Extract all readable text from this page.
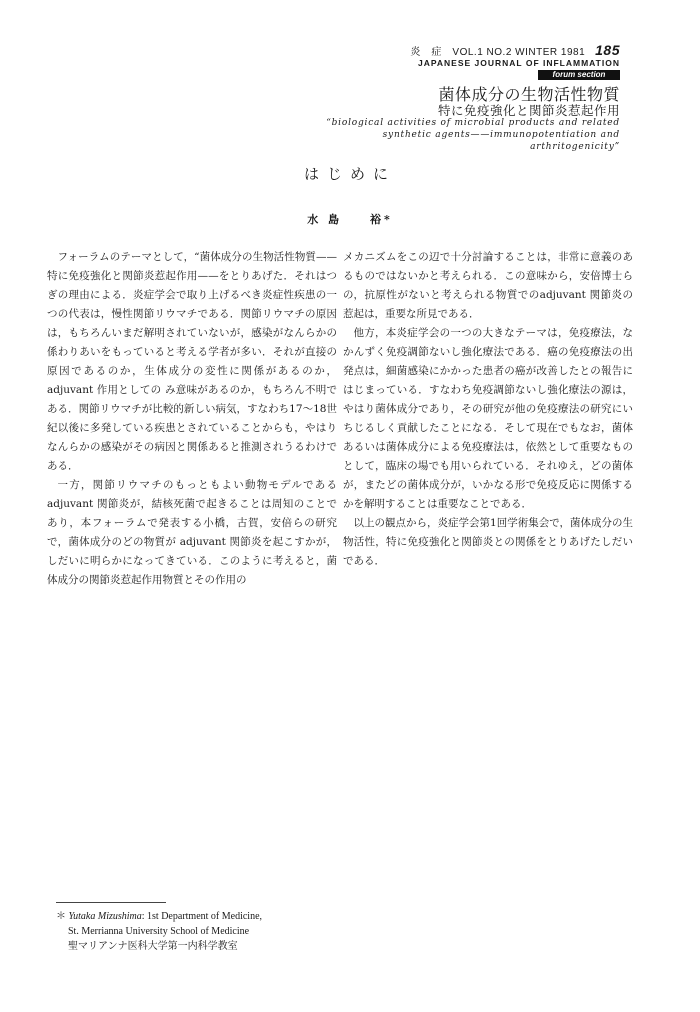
炎　症　VOL.1 NO.2 WINTER 1981 185
JAPANESE JOURNAL OF INFLAMMATION
forum section
菌体成分の生物活性物質
特に免疫強化と関節炎惹起作用
“biological activities of microbial products and related synthetic agents——immunopotentiation and arthritogenicity”
はじめに
水 島　　裕*

フォーラムのテーマとして，“菌体成分の生物活性物質——特に免疫強化と関節炎惹起作用——をとりあげた．それはつぎの理由による．炎症学会で取り上げるべき炎症性疾患の一つの代表は，慢性関節リウマチである．関節リウマチの原因は，もちろんいまだ解明されていないが，感染がなんらかの係わりあいをもっていると考える学者が多い．それが直接の原因であるのか，生体成分の変性に関係があるのか，adjuvant 作用としての み意味があるのか，もちろん不明である．関節リウマチが比較的新しい病気，すなわち17〜18世紀以後に多発している疾患とされていることからも，やはりなんらかの感染がその病因と関係あると推測されうるわけである．

一方，関節リウマチのもっともよい動物モデルであるadjuvant 関節炎が，結核死菌で起きることは周知のことであり，本フォーラムで発表する小橋，古賀，安倍らの研究で，菌体成分のどの物質が adjuvant 関節炎を起こすかが，しだいに明らかになってきている．このように考えると，菌体成分の関節炎惹起作用物質とその作用の

メカニズムをこの辺で十分討論することは，非常に意義のあるものではないかと考えられる．この意味から，安倍博士らの，抗原性がないと考えられる物質でのadjuvant 関節炎の惹起は，重要な所見である．

他方，本炎症学会の一つの大きなテーマは，免疫療法，なかんずく免疫調節ないし強化療法である．癌の免疫療法の出発点は，細菌感染にかかった患者の癌が改善したとの報告にはじまっている．すなわち免疫調節ないし強化療法の源は，やはり菌体成分であり，その研究が他の免疫療法の研究にいちじるしく貢献したことになる．そして現在でもなお，菌体あるいは菌体成分による免疫療法は，依然として重要なものとして，臨床の場でも用いられている．それゆえ，どの菌体が，またどの菌体成分が，いかなる形で免疫反応に関係するかを解明することは重要なことである．

以上の観点から，炎症学会第1回学術集会で，菌体成分の生物活性，特に免疫強化と関節炎との関係をとりあげたしだいである．

＊ Yutaka Mizushima: 1st Department of Medicine,
St. Merrianna University School of Medicine
聖マリアンナ医科大学第一内科学教室
